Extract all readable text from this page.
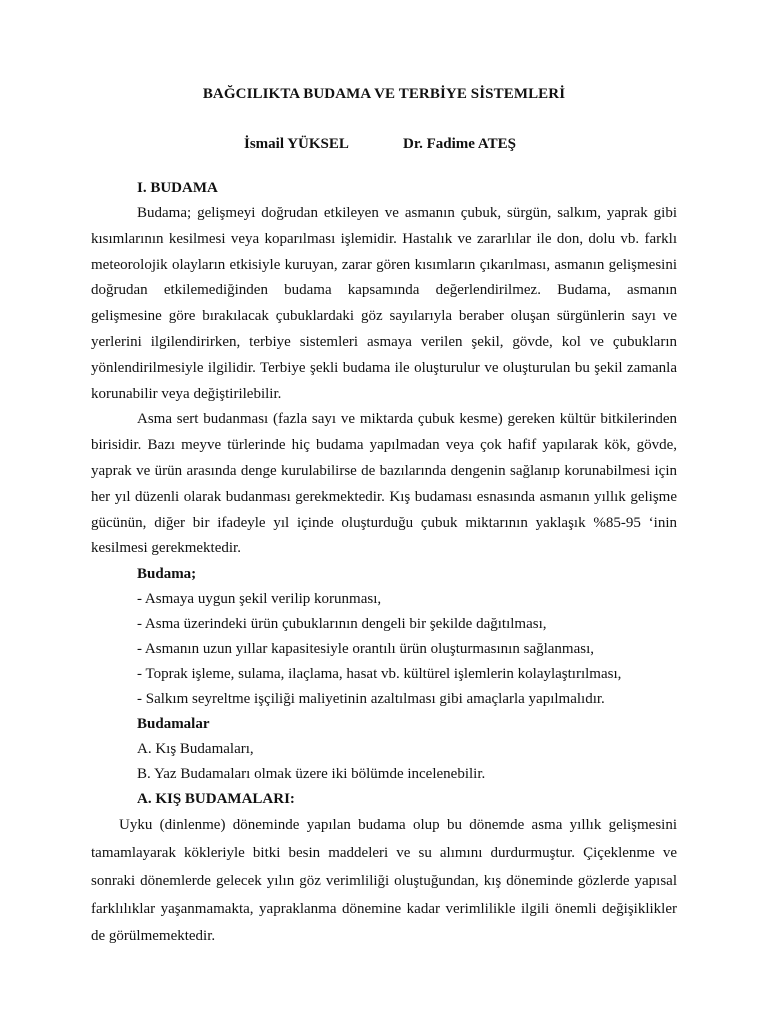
BAĞCILIKTA BUDAMA VE TERBİYE SİSTEMLERİ
İsmail YÜKSEL	Dr. Fadime ATEŞ
I. BUDAMA

Budama; gelişmeyi doğrudan etkileyen ve asmanın çubuk, sürgün, salkım, yaprak gibi kısımlarının kesilmesi veya koparılması işlemidir. Hastalık ve zararlılar ile don, dolu vb. farklı meteorolojik olayların etkisiyle kuruyan, zarar gören kısımların çıkarılması, asmanın gelişmesini doğrudan etkilemediğinden budama kapsamında değerlendirilmez. Budama, asmanın gelişmesine göre bırakılacak çubuklardaki göz sayılarıyla beraber oluşan sürgünlerin sayı ve yerlerini ilgilendirirken, terbiye sistemleri asmaya verilen şekil, gövde, kol ve çubukların yönlendirilmesiyle ilgilidir. Terbiye şekli budama ile oluşturulur ve oluşturulan bu şekil zamanla korunabilir veya değiştirilebilir.

Asma sert budanması (fazla sayı ve miktarda çubuk kesme) gereken kültür bitkilerinden birisidir. Bazı meyve türlerinde hiç budama yapılmadan veya çok hafif yapılarak kök, gövde, yaprak ve ürün arasında denge kurulabilirse de bazılarında dengenin sağlanıp korunabilmesi için her yıl düzenli olarak budanması gerekmektedir. Kış budaması esnasında asmanın yıllık gelişme gücünün, diğer bir ifadeyle yıl içinde oluşturduğu çubuk miktarının yaklaşık %85-95 ‘inin kesilmesi gerekmektedir.

Budama;
- Asmaya uygun şekil verilip korunması,
- Asma üzerindeki ürün çubuklarının dengeli bir şekilde dağıtılması,
- Asmanın uzun yıllar kapasitesiyle orantılı ürün oluşturmasının sağlanması,
- Toprak işleme, sulama, ilaçlama, hasat vb. kültürel işlemlerin kolaylaştırılması,
- Salkım seyreltme işçiliği maliyetinin azaltılması gibi amaçlarla yapılmalıdır.
Budamalar
A. Kış Budamaları,
B. Yaz Budamaları olmak üzere iki bölümde incelenebilir.
A. KIŞ BUDAMALARI:

Uyku (dinlenme) döneminde yapılan budama olup bu dönemde asma yıllık gelişmesini tamamlayarak kökleriyle bitki besin maddeleri ve su alımını durdurmuştur. Çiçeklenme ve sonraki dönemlerde gelecek yılın göz verimliliği oluştuğundan, kış döneminde gözlerde yapısal farklılıklar yaşanmamakta, yapraklanma dönemine kadar verimlilikle ilgili önemli değişiklikler de görülmemektedir.
